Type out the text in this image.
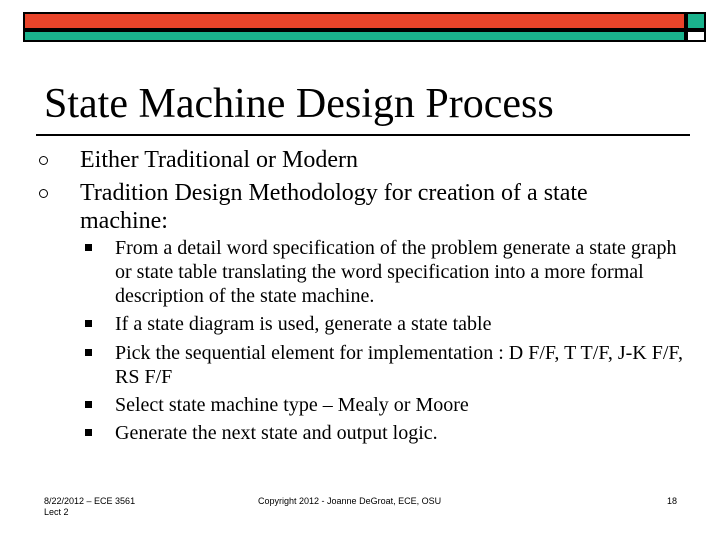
State Machine Design Process
Either Traditional or Modern
Tradition Design Methodology for creation of a state machine:
From a detail word specification of the problem generate a state graph or state table translating the word specification into a more formal description of the state machine.
If a state diagram is used, generate a state table
Pick the sequential element for implementation : D F/F, T T/F, J-K F/F, RS F/F
Select state machine type – Mealy or Moore
Generate the next state and output logic.
8/22/2012 – ECE 3561
Lect 2
Copyright 2012 - Joanne DeGroat, ECE, OSU	18
